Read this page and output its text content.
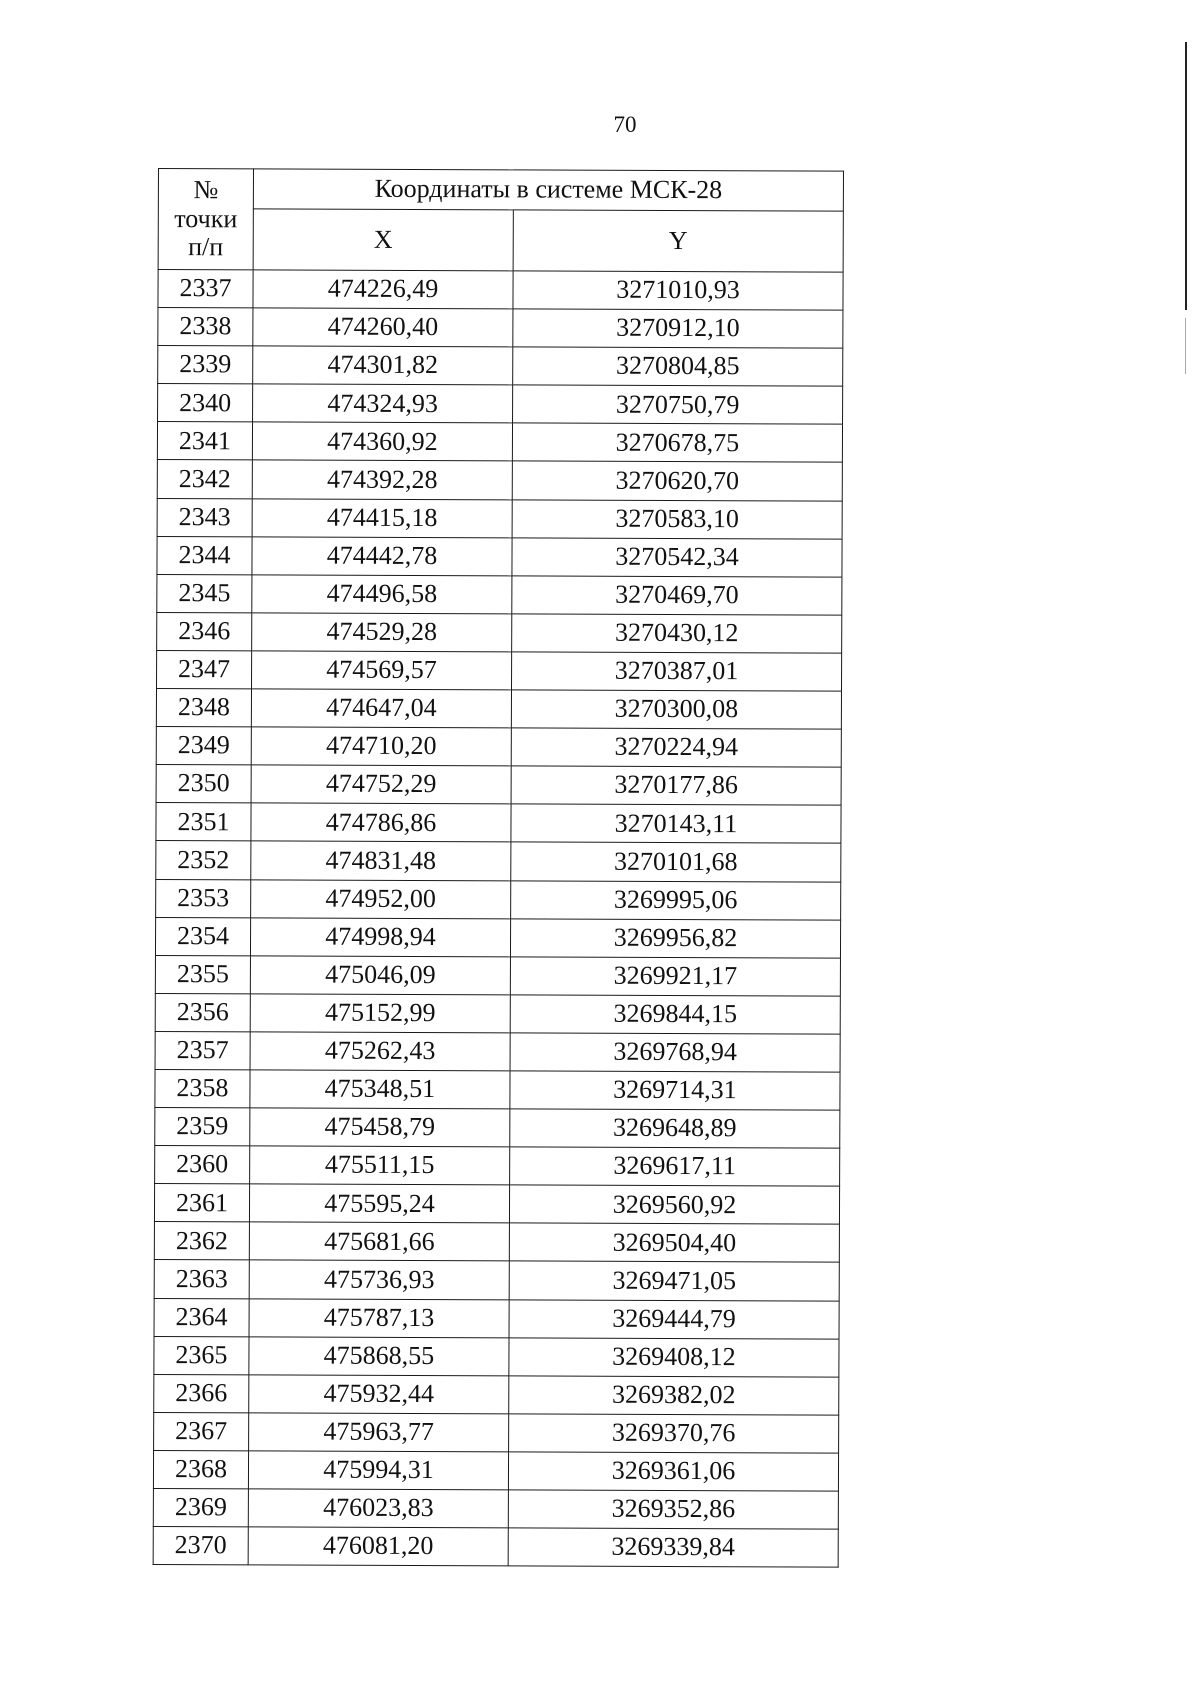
70
№
точки
п/п	Координаты в системе МСК-28	
	X	Y
2337	474226,49	3271010,93
2338	474260,40	3270912,10
2339	474301,82	3270804,85
2340	474324,93	3270750,79
2341	474360,92	3270678,75
2342	474392,28	3270620,70
2343	474415,18	3270583,10
2344	474442,78	3270542,34
2345	474496,58	3270469,70
2346	474529,28	3270430,12
2347	474569,57	3270387,01
2348	474647,04	3270300,08
2349	474710,20	3270224,94
2350	474752,29	3270177,86
2351	474786,86	3270143,11
2352	474831,48	3270101,68
2353	474952,00	3269995,06
2354	474998,94	3269956,82
2355	475046,09	3269921,17
2356	475152,99	3269844,15
2357	475262,43	3269768,94
2358	475348,51	3269714,31
2359	475458,79	3269648,89
2360	475511,15	3269617,11
2361	475595,24	3269560,92
2362	475681,66	3269504,40
2363	475736,93	3269471,05
2364	475787,13	3269444,79
2365	475868,55	3269408,12
2366	475932,44	3269382,02
2367	475963,77	3269370,76
2368	475994,31	3269361,06
2369	476023,83	3269352,86
2370	476081,20	3269339,84
